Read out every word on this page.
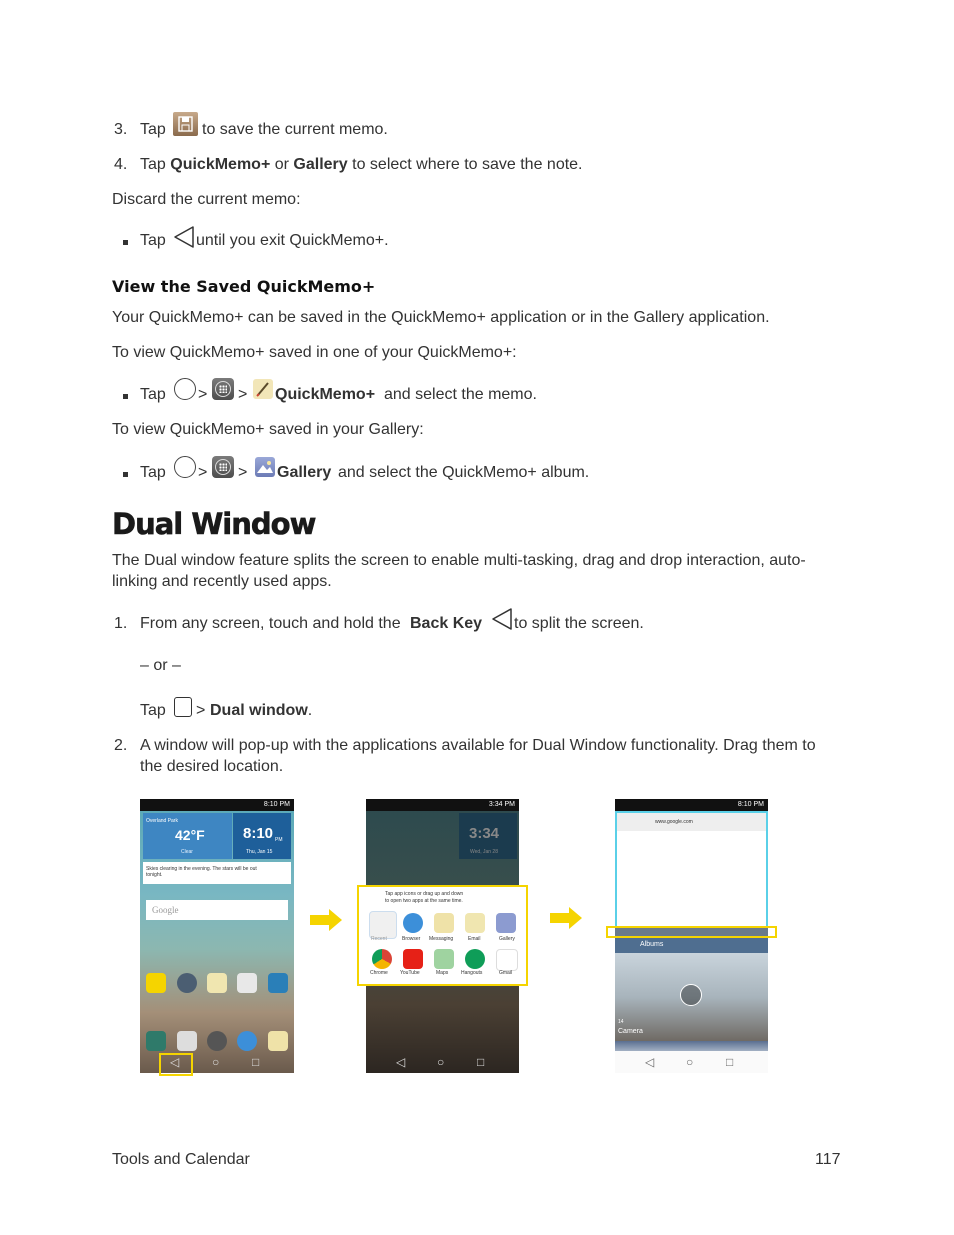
3. Tap to save the current memo.
4. Tap QuickMemo+ or Gallery to select where to save the note.
Discard the current memo:
Tap until you exit QuickMemo+.
View the Saved QuickMemo+
Your QuickMemo+ can be saved in the QuickMemo+ application or in the Gallery application.
To view QuickMemo+ saved in one of your QuickMemo+:
Tap > > QuickMemo+ and select the memo.
To view QuickMemo+ saved in your Gallery:
Tap > > Gallery and select the QuickMemo+ album.
Dual Window
The Dual window feature splits the screen to enable multi-tasking, drag and drop interaction, auto-
linking and recently used apps.
1. From any screen, touch and hold the Back Key to split the screen.
– or –
Tap > Dual window.
2. A window will pop-up with the applications available for Dual Window functionality. Drag them to
the desired location.
8:10 PM
Overland Park
42°F
Clear
8:10 PM
Thu, Jan 15
Skies clearing in the evening. The stars will be out tonight.
Google
◁	○	□
3:34 PM
3:34
Wed, Jan 28
◁	○	□
Tap app icons or drag up and down
to open two apps at the same time.
Recent	Browser Messaging	Email	Gallery
Chrome YouTube	Maps	Hangouts	Gmail
8:10 PM
www.google.com
Albums
14
Camera
◁	○	□
Tools and Calendar	117
